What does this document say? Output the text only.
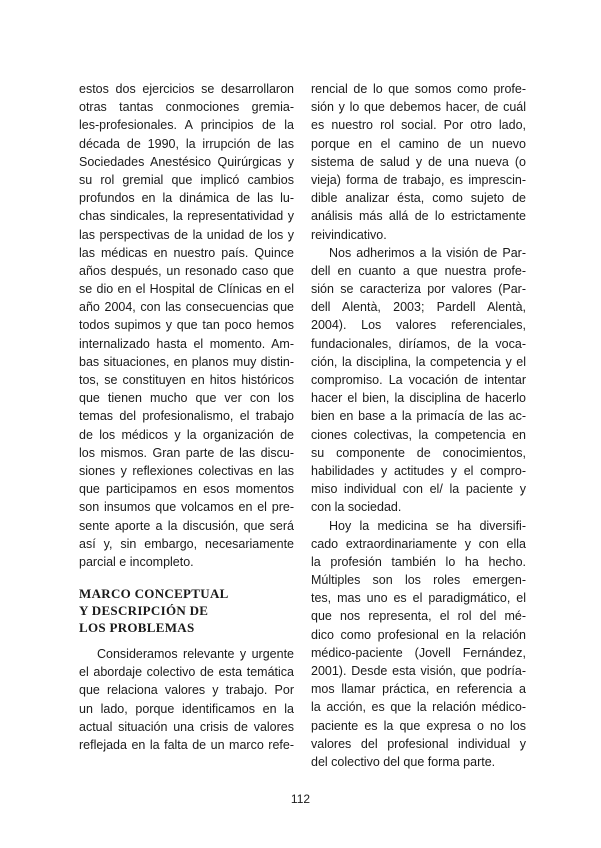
estos dos ejercicios se desarrollaron
otras tantas conmociones gremia-
les-profesionales. A principios de la
década de 1990, la irrupción de las
Sociedades Anestésico Quirúrgicas y
su rol gremial que implicó cambios
profundos en la dinámica de las lu-
chas sindicales, la representatividad y
las perspectivas de la unidad de los y
las médicas en nuestro país. Quince
años después, un resonado caso que
se dio en el Hospital de Clínicas en el
año 2004, con las consecuencias que
todos supimos y que tan poco hemos
internalizado hasta el momento. Am-
bas situaciones, en planos muy distin-
tos, se constituyen en hitos históricos
que tienen mucho que ver con los
temas del profesionalismo, el trabajo
de los médicos y la organización de
los mismos. Gran parte de las discu-
siones y reflexiones colectivas en las
que participamos en esos momentos
son insumos que volcamos en el pre-
sente aporte a la discusión, que será
así y, sin embargo, necesariamente
parcial e incompleto.
MARCO CONCEPTUAL
Y DESCRIPCIÓN DE
LOS PROBLEMAS
Consideramos relevante y urgente
el abordaje colectivo de esta temática
que relaciona valores y trabajo. Por
un lado, porque identificamos en la
actual situación una crisis de valores
reflejada en la falta de un marco refe-
rencial de lo que somos como profe-
sión y lo que debemos hacer, de cuál
es nuestro rol social. Por otro lado,
porque en el camino de un nuevo
sistema de salud y de una nueva (o
vieja) forma de trabajo, es imprescin-
dible analizar ésta, como sujeto de
análisis más allá de lo estrictamente
reivindicativo.
Nos adherimos a la visión de Par-
dell en cuanto a que nuestra profe-
sión se caracteriza por valores (Par-
dell Alentà, 2003; Pardell Alentà,
2004). Los valores referenciales,
fundacionales, diríamos, de la voca-
ción, la disciplina, la competencia y el
compromiso. La vocación de intentar
hacer el bien, la disciplina de hacerlo
bien en base a la primacía de las ac-
ciones colectivas, la competencia en
su componente de conocimientos,
habilidades y actitudes y el compro-
miso individual con el/ la paciente y
con la sociedad.
Hoy la medicina se ha diversifi-
cado extraordinariamente y con ella
la profesión también lo ha hecho.
Múltiples son los roles emergen-
tes, mas uno es el paradigmático, el
que nos representa, el rol del mé-
dico como profesional en la relación
médico-paciente (Jovell Fernández,
2001). Desde esta visión, que podría-
mos llamar práctica, en referencia a
la acción, es que la relación médico-
paciente es la que expresa o no los
valores del profesional individual y
del colectivo del que forma parte.
112
